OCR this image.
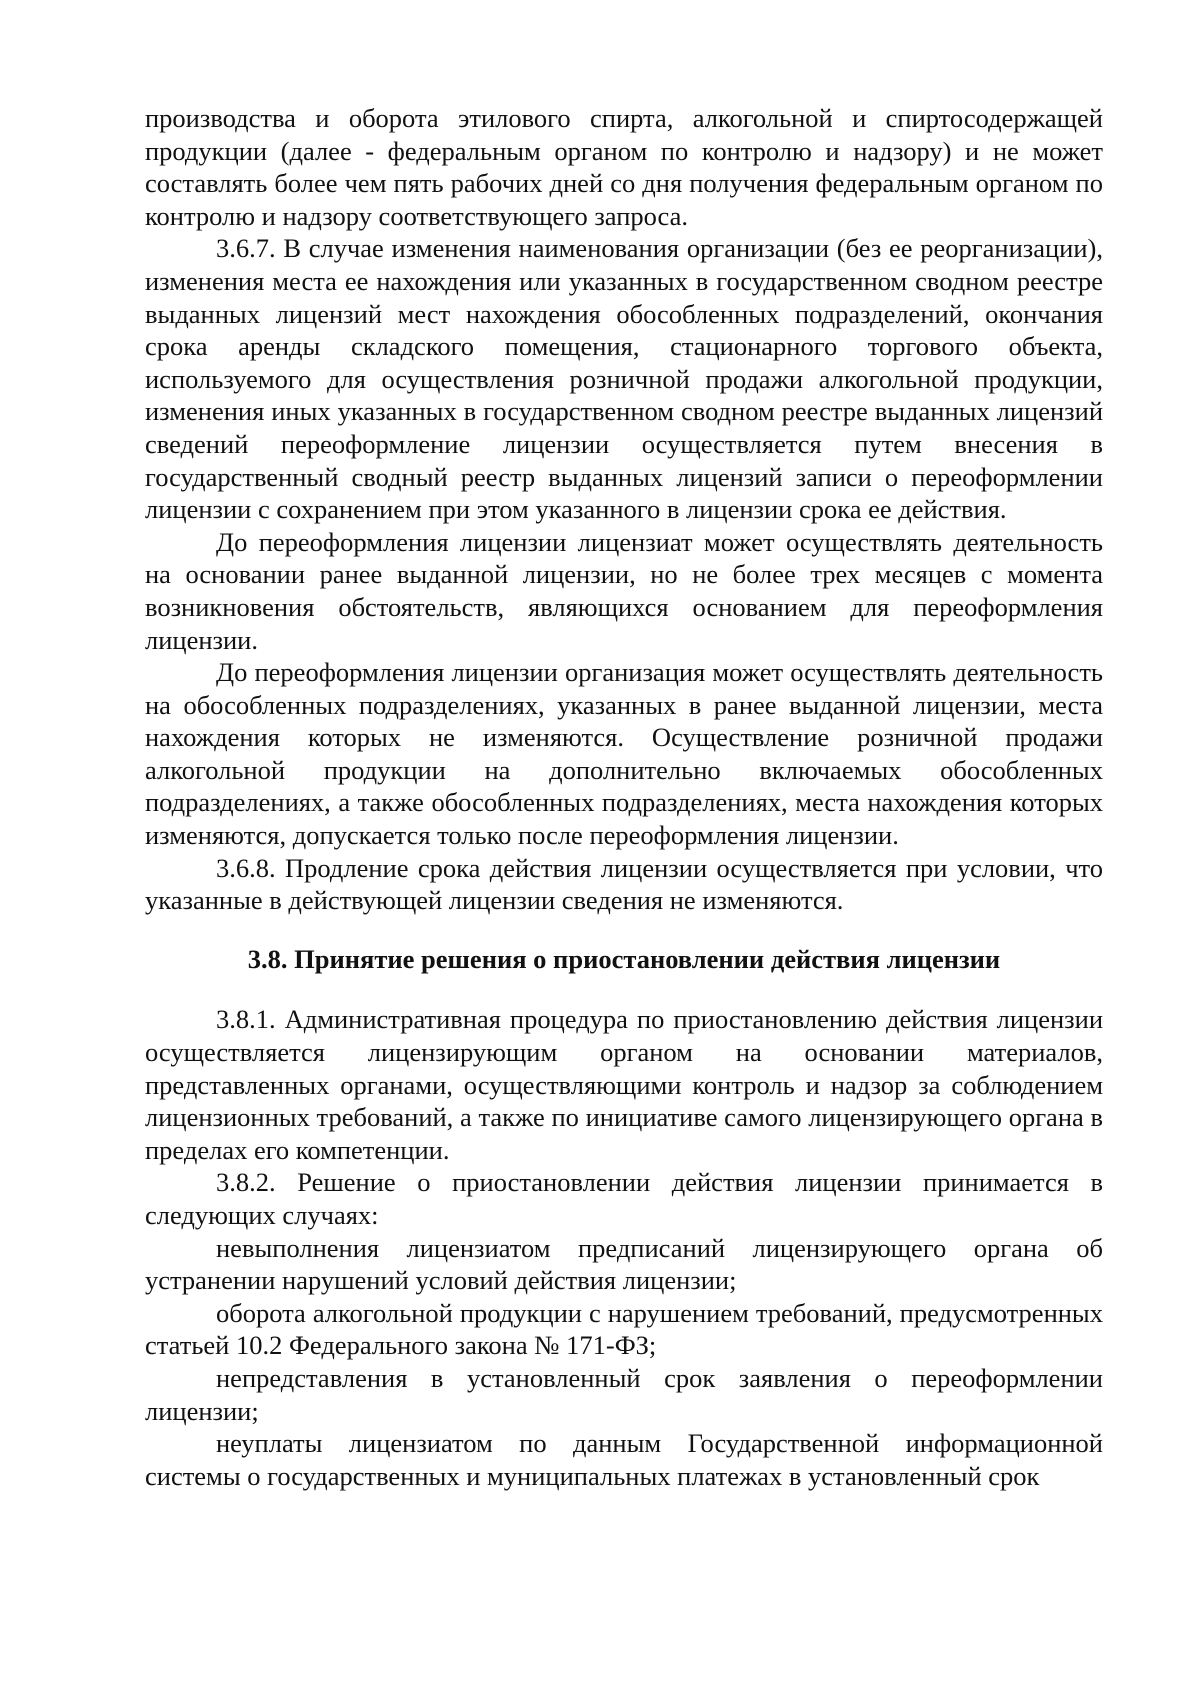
производства и оборота этилового спирта, алкогольной и спиртосодержащей продукции (далее - федеральным органом по контролю и надзору) и не может составлять более чем пять рабочих дней со дня получения федеральным органом по контролю и надзору соответствующего запроса.

3.6.7. В случае изменения наименования организации (без ее реорганизации), изменения места ее нахождения или указанных в государственном сводном реестре выданных лицензий мест нахождения обособленных подразделений, окончания срока аренды складского помещения, стационарного торгового объекта, используемого для осуществления розничной продажи алкогольной продукции, изменения иных указанных в государственном сводном реестре выданных лицензий сведений переоформление лицензии осуществляется путем внесения в государственный сводный реестр выданных лицензий записи о переоформлении лицензии с сохранением при этом указанного в лицензии срока ее действия.

До переоформления лицензии лицензиат может осуществлять деятельность на основании ранее выданной лицензии, но не более трех месяцев с момента возникновения обстоятельств, являющихся основанием для переоформления лицензии.

До переоформления лицензии организация может осуществлять деятельность на обособленных подразделениях, указанных в ранее выданной лицензии, места нахождения которых не изменяются. Осуществление розничной продажи алкогольной продукции на дополнительно включаемых обособленных подразделениях, а также обособленных подразделениях, места нахождения которых изменяются, допускается только после переоформления лицензии.

3.6.8. Продление срока действия лицензии осуществляется при условии, что указанные в действующей лицензии сведения не изменяются.

3.8. Принятие решения о приостановлении действия лицензии

3.8.1. Административная процедура по приостановлению действия лицензии осуществляется лицензирующим органом на основании материалов, представленных органами, осуществляющими контроль и надзор за соблюдением лицензионных требований, а также по инициативе самого лицензирующего органа в пределах его компетенции.

3.8.2. Решение о приостановлении действия лицензии принимается в следующих случаях:

невыполнения лицензиатом предписаний лицензирующего органа об устранении нарушений условий действия лицензии;

оборота алкогольной продукции с нарушением требований, предусмотренных статьей 10.2 Федерального закона № 171-ФЗ;

непредставления в установленный срок заявления о переоформлении лицензии;

неуплаты лицензиатом по данным Государственной информационной системы о государственных и муниципальных платежах в установленный срок
